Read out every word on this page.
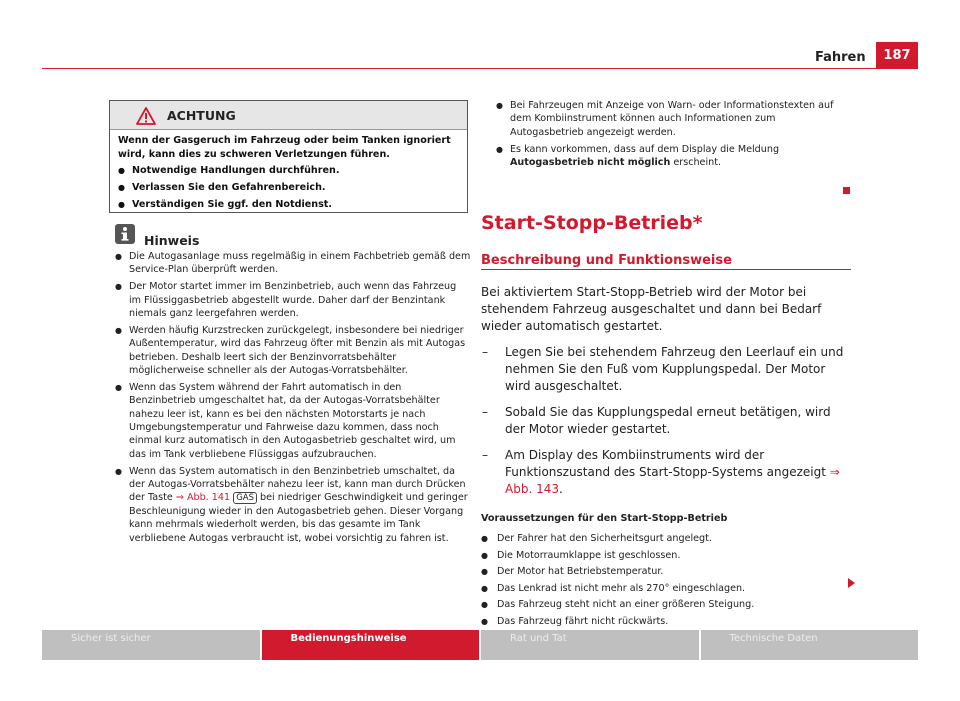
Fahren	187
ACHTUNG

Wenn der Gasgeruch im Fahrzeug oder beim Tanken ignoriert wird, kann dies zu schweren Verletzungen führen.

● Notwendige Handlungen durchführen.
● Verlassen Sie den Gefahrenbereich.
● Verständigen Sie ggf. den Notdienst.
Hinweis
● Die Autogasanlage muss regelmäßig in einem Fachbetrieb gemäß dem Service-Plan überprüft werden.
● Der Motor startet immer im Benzinbetrieb, auch wenn das Fahrzeug im Flüssiggasbetrieb abgestellt wurde. Daher darf der Benzintank niemals ganz leergefahren werden.
● Werden häufig Kurzstrecken zurückgelegt, insbesondere bei niedriger Außentemperatur, wird das Fahrzeug öfter mit Benzin als mit Autogas betrieben. Deshalb leert sich der Benzinvorratsbehälter möglicherweise schneller als der Autogas-Vorratsbehälter.
● Wenn das System während der Fahrt automatisch in den Benzinbetrieb umgeschaltet hat, da der Autogas-Vorratsbehälter nahezu leer ist, kann es bei den nächsten Motorstarts je nach Umgebungstemperatur und Fahrweise dazu kommen, dass noch einmal kurz automatisch in den Autogasbetrieb geschaltet wird, um das im Tank verbliebene Flüssiggas aufzubrauchen.
● Wenn das System automatisch in den Benzinbetrieb umschaltet, da der Autogas-Vorratsbehälter nahezu leer ist, kann man durch Drücken der Taste ⇒ Abb. 141 GAS bei niedriger Geschwindigkeit und geringer Beschleunigung wieder in den Autogasbetrieb gehen. Dieser Vorgang kann mehrmals wiederholt werden, bis das gesamte im Tank verbliebene Autogas verbraucht ist, wobei vorsichtig zu fahren ist.
● Bei Fahrzeugen mit Anzeige von Warn- oder Informationstexten auf dem Kombiinstrument können auch Informationen zum Autogasbetrieb angezeigt werden.
● Es kann vorkommen, dass auf dem Display die Meldung Autogasbetrieb nicht möglich erscheint.
Start-Stopp-Betrieb*
Beschreibung und Funktionsweise

Bei aktiviertem Start-Stopp-Betrieb wird der Motor bei stehendem Fahrzeug ausgeschaltet und dann bei Bedarf wieder automatisch gestartet.

– Legen Sie bei stehendem Fahrzeug den Leerlauf ein und nehmen Sie den Fuß vom Kupplungspedal. Der Motor wird ausgeschaltet.
– Sobald Sie das Kupplungspedal erneut betätigen, wird der Motor wieder gestartet.
– Am Display des Kombiinstruments wird der Funktionszustand des Start-Stopp-Systems angezeigt ⇒ Abb. 143.
Voraussetzungen für den Start-Stopp-Betrieb
● Der Fahrer hat den Sicherheitsgurt angelegt.
● Die Motorraumklappe ist geschlossen.
● Der Motor hat Betriebstemperatur.
● Das Lenkrad ist nicht mehr als 270° eingeschlagen.
● Das Fahrzeug steht nicht an einer größeren Steigung.
● Das Fahrzeug fährt nicht rückwärts.
Sicher ist sicher	Bedienungshinweise	Rat und Tat	Technische Daten
